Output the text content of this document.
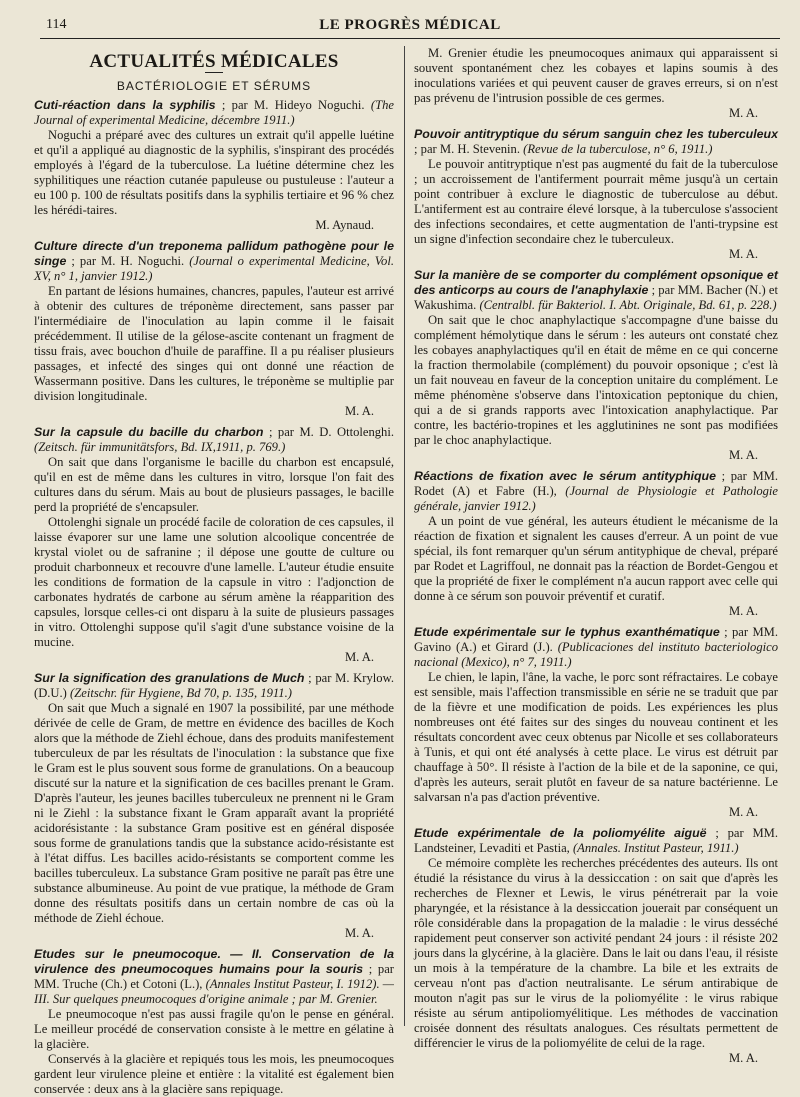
114	LE PROGRÈS MÉDICAL
ACTUALITÉS MÉDICALES
BACTÉRIOLOGIE ET SÉRUMS

Cuti-réaction dans la syphilis ; par M. Hideyo Noguchi. (The Journal of experimental Medicine, décembre 1911.)

Noguchi a préparé avec des cultures un extrait qu'il appelle luétine et qu'il a appliqué au diagnostic de la syphilis, s'inspirant des procédés employés à l'égard de la tuberculose. La luétine détermine chez les syphilitiques une réaction cutanée papuleuse ou pustuleuse : l'auteur a eu 100 p. 100 de résultats positifs dans la syphilis tertiaire et 96 % chez les hérédi-taires.

M. Aynaud.

Culture directe d'un treponema pallidum pathogène pour le singe ; par M. H. Noguchi. (Journal o experimental Medicine, Vol. XV, n° 1, janvier 1912.)

En partant de lésions humaines, chancres, papules, l'auteur est arrivé à obtenir des cultures de tréponème directement, sans passer par l'intermédiaire de l'inoculation au lapin comme il le faisait précédemment. Il utilise de la gélose-ascite contenant un fragment de tissu frais, avec bouchon d'huile de paraffine. Il a pu réaliser plusieurs passages, et infecté des singes qui ont donné une réaction de Wassermann positive. Dans les cultures, le tréponème se multiplie par division longitudinale.

M. A.

Sur la capsule du bacille du charbon ; par M. D. Ottolenghi. (Zeitsch. für immunitätsfors, Bd. IX,1911, p. 769.)

On sait que dans l'organisme le bacille du charbon est encapsulé, qu'il en est de même dans les cultures in vitro, lorsque l'on fait des cultures dans du sérum. Mais au bout de plusieurs passages, le bacille perd la propriété de s'encapsuler.

Ottolenghi signale un procédé facile de coloration de ces capsules, il laisse évaporer sur une lame une solution alcoolique concentrée de krystal violet ou de safranine ; il dépose une goutte de culture ou produit charbonneux et recouvre d'une lamelle. L'auteur étudie ensuite les conditions de formation de la capsule in vitro : l'adjonction de carbonates hydratés de carbone au sérum amène la réapparition des capsules, lorsque celles-ci ont disparu à la suite de plusieurs passages in vitro. Ottolenghi suppose qu'il s'agit d'une substance voisine de la mucine.

M. A.

Sur la signification des granulations de Much ; par M. Krylow. (D.U.) (Zeitschr. für Hygiene, Bd 70, p. 135, 1911.)

On sait que Much a signalé en 1907 la possibilité, par une méthode dérivée de celle de Gram, de mettre en évidence des bacilles de Koch alors que la méthode de Ziehl échoue, dans des produits manifestement tuberculeux de par les résultats de l'inoculation : la substance que fixe le Gram est le plus souvent sous forme de granulations. On a beaucoup discuté sur la nature et la signification de ces bacilles prenant le Gram. D'après l'auteur, les jeunes bacilles tuberculeux ne prennent ni le Gram ni le Ziehl : la substance fixant le Gram apparaît avant la propriété acidorésistante : la substance Gram positive est en général disposée sous forme de granulations tandis que la substance acido-résistante est à l'état diffus. Les bacilles acido-résistants se comportent comme les bacilles tuberculeux. La substance Gram positive ne paraît pas être une substance albumineuse. Au point de vue pratique, la méthode de Gram donne des résultats positifs dans un certain nombre de cas où la méthode de Ziehl échoue.

M. A.

Etudes sur le pneumocoque. — II. Conservation de la virulence des pneumocoques humains pour la souris ; par MM. Truche (Ch.) et Cotoni (L.), (Annales Institut Pasteur, I. 1912). — III. Sur quelques pneumocoques d'origine animale ; par M. Grenier.

Le pneumocoque n'est pas aussi fragile qu'on le pense en général. Le meilleur procédé de conservation consiste à le mettre en gélatine à la glacière.

Conservés à la glacière et repiqués tous les mois, les pneumocoques gardent leur virulence pleine et entière : la vitalité est également bien conservée : deux ans à la glacière sans repiquage.

M. Grenier étudie les pneumocoques animaux qui apparaissent si souvent spontanément chez les cobayes et lapins soumis à des inoculations variées et qui peuvent causer de graves erreurs, si on n'est pas prévenu de l'intrusion possible de ces germes.

M. A.

Pouvoir antitryptique du sérum sanguin chez les tuberculeux ; par M. H. Stevenin. (Revue de la tuberculose, n° 6, 1911.)

Le pouvoir antitryptique n'est pas augmenté du fait de la tuberculose ; un accroissement de l'antiferment pourrait même jusqu'à un certain point contribuer à exclure le diagnostic de tuberculose au début. L'antiferment est au contraire élevé lorsque, à la tuberculose s'associent des infections secondaires, et cette augmentation de l'anti-trypsine est un signe d'infection secondaire chez le tuberculeux.

M. A.

Sur la manière de se comporter du complément opsonique et des anticorps au cours de l'anaphylaxie ; par MM. Bacher (N.) et Wakushima. (Centralbl. für Bakteriol. I. Abt. Originale, Bd. 61, p. 228.)

On sait que le choc anaphylactique s'accompagne d'une baisse du complément hémolytique dans le sérum : les auteurs ont constaté chez les cobayes anaphylactiques qu'il en était de même en ce qui concerne la fraction thermolabile (complément) du pouvoir opsonique ; c'est là un fait nouveau en faveur de la conception unitaire du complément. Le même phénomène s'observe dans l'intoxication peptonique du chien, qui a de si grands rapports avec l'intoxication anaphylactique. Par contre, les bactério-tropines et les agglutinines ne sont pas modifiées par le choc anaphylactique.

M. A.

Réactions de fixation avec le sérum antityphique ; par MM. Rodet (A) et Fabre (H.), (Journal de Physiologie et Pathologie générale, janvier 1912.)

A un point de vue général, les auteurs étudient le mécanisme de la réaction de fixation et signalent les causes d'erreur. A un point de vue spécial, ils font remarquer qu'un sérum antityphique de cheval, préparé par Rodet et Lagriffoul, ne donnait pas la réaction de Bordet-Gengou et que la propriété de fixer le complément n'a aucun rapport avec celle qui donne à ce sérum son pouvoir préventif et curatif.

M. A.

Etude expérimentale sur le typhus exanthématique ; par MM. Gavino (A.) et Girard (J.). (Publicaciones del instituto bacteriologico nacional (Mexico), n° 7, 1911.)

Le chien, le lapin, l'âne, la vache, le porc sont réfractaires. Le cobaye est sensible, mais l'affection transmissible en série ne se traduit que par de la fièvre et une modification de poids. Les expériences les plus nombreuses ont été faites sur des singes du nouveau continent et les résultats concordent avec ceux obtenus par Nicolle et ses collaborateurs à Tunis, et qui ont été analysés à cette place. Le virus est détruit par chauffage à 50°. Il résiste à l'action de la bile et de la saponine, ce qui, d'après les auteurs, serait plutôt en faveur de sa nature bactérienne. Le salvarsan n'a pas d'action préventive.

M. A.

Etude expérimentale de la poliomyélite aiguë ; par MM. Landsteiner, Levaditi et Pastia, (Annales. Institut Pasteur, 1911.)

Ce mémoire complète les recherches précédentes des auteurs. Ils ont étudié la résistance du virus à la dessiccation : on sait que d'après les recherches de Flexner et Lewis, le virus pénétrerait par la voie pharyngée, et la résistance à la dessiccation jouerait par conséquent un rôle considérable dans la propagation de la maladie : le virus desséché rapidement peut conserver son activité pendant 24 jours : il résiste 202 jours dans la glycérine, à la glacière. Dans le lait ou dans l'eau, il résiste un mois à la température de la chambre. La bile et les extraits de cerveau n'ont pas d'action neutralisante. Le sérum antirabique de mouton n'agit pas sur le virus de la poliomyélite : le virus rabique résiste au sérum antipoliomyélitique. Les méthodes de vaccination croisée donnent des résultats analogues. Ces résultats permettent de différencier le virus de la poliomyélite de celui de la rage.

M. A.
